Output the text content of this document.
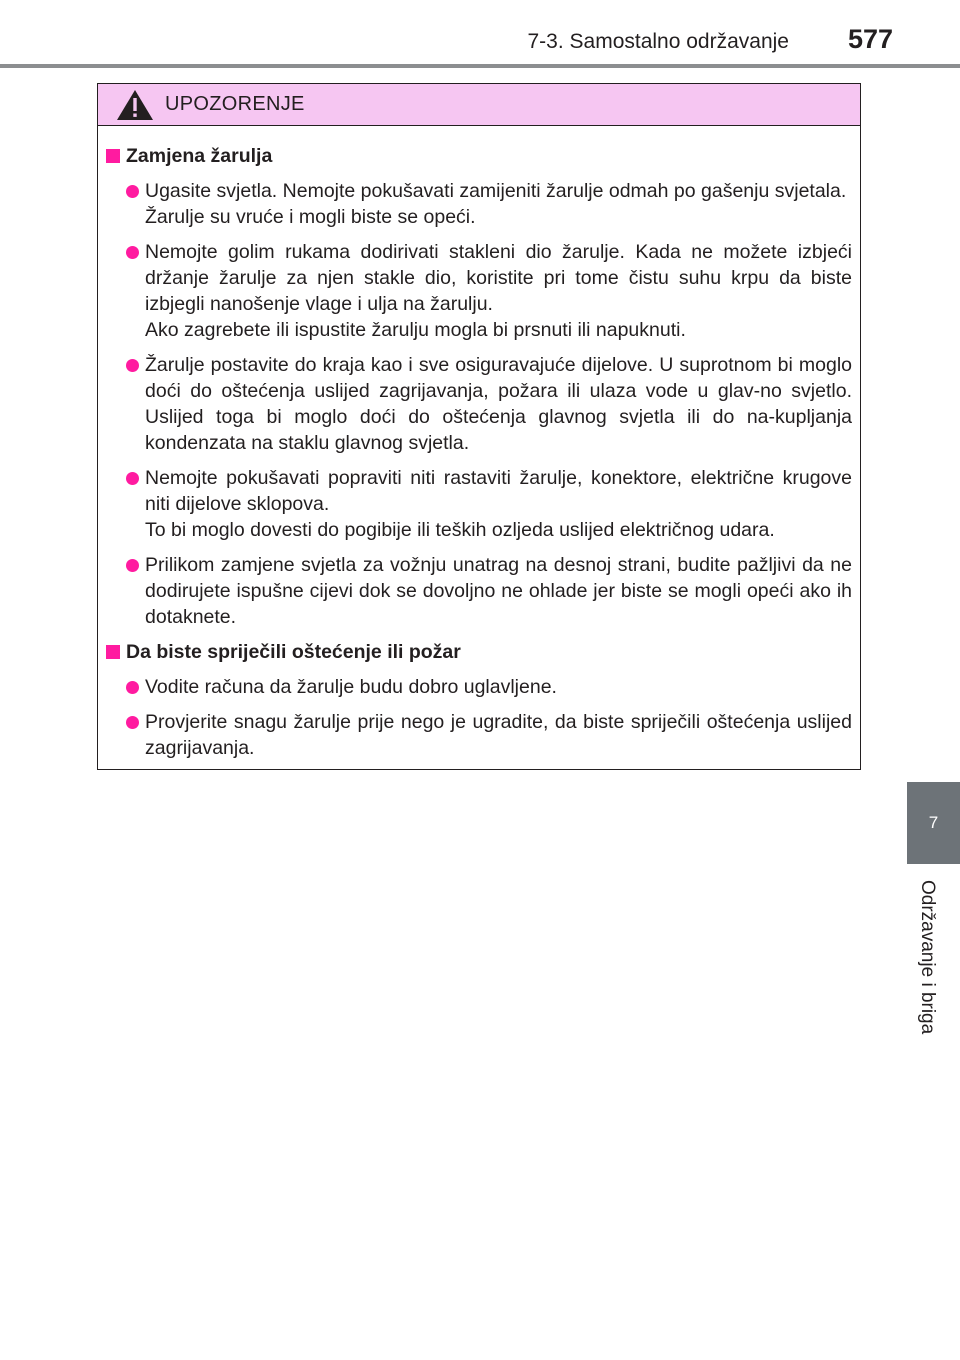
7-3. Samostalno održavanje 577
7
Održavanje i briga
UPOZORENJE
Zamjena žarulja
Ugasite svjetla. Nemojte pokušavati zamijeniti žarulje odmah po gašenju svjetala.
Žarulje su vruće i mogli biste se opeći.
Nemojte golim rukama dodirivati stakleni dio žarulje. Kada ne možete izbjeći držanje žarulje za njen stakle dio, koristite pri tome čistu suhu krpu da biste izbjegli nanošenje vlage i ulja na žarulju.
Ako zagrebete ili ispustite žarulju mogla bi prsnuti ili napuknuti.
Žarulje postavite do kraja kao i sve osiguravajuće dijelove. U suprotnom bi moglo doći do oštećenja uslijed zagrijavanja, požara ili ulaza vode u glav-no svjetlo. Uslijed toga bi moglo doći do oštećenja glavnog svjetla ili do na-kupljanja kondenzata na staklu glavnog svjetla.
Nemojte pokušavati popraviti niti rastaviti žarulje, konektore, električne krugove niti dijelove sklopova.
To bi moglo dovesti do pogibije ili teških ozljeda uslijed električnog udara.
Prilikom zamjene svjetla za vožnju unatrag na desnoj strani, budite pažljivi da ne dodirujete ispušne cijevi dok se dovoljno ne ohlade jer biste se mogli opeći ako ih dotaknete.
Da biste spriječili oštećenje ili požar
Vodite računa da žarulje budu dobro uglavljene.
Provjerite snagu žarulje prije nego je ugradite, da biste spriječili oštećenja uslijed zagrijavanja.
